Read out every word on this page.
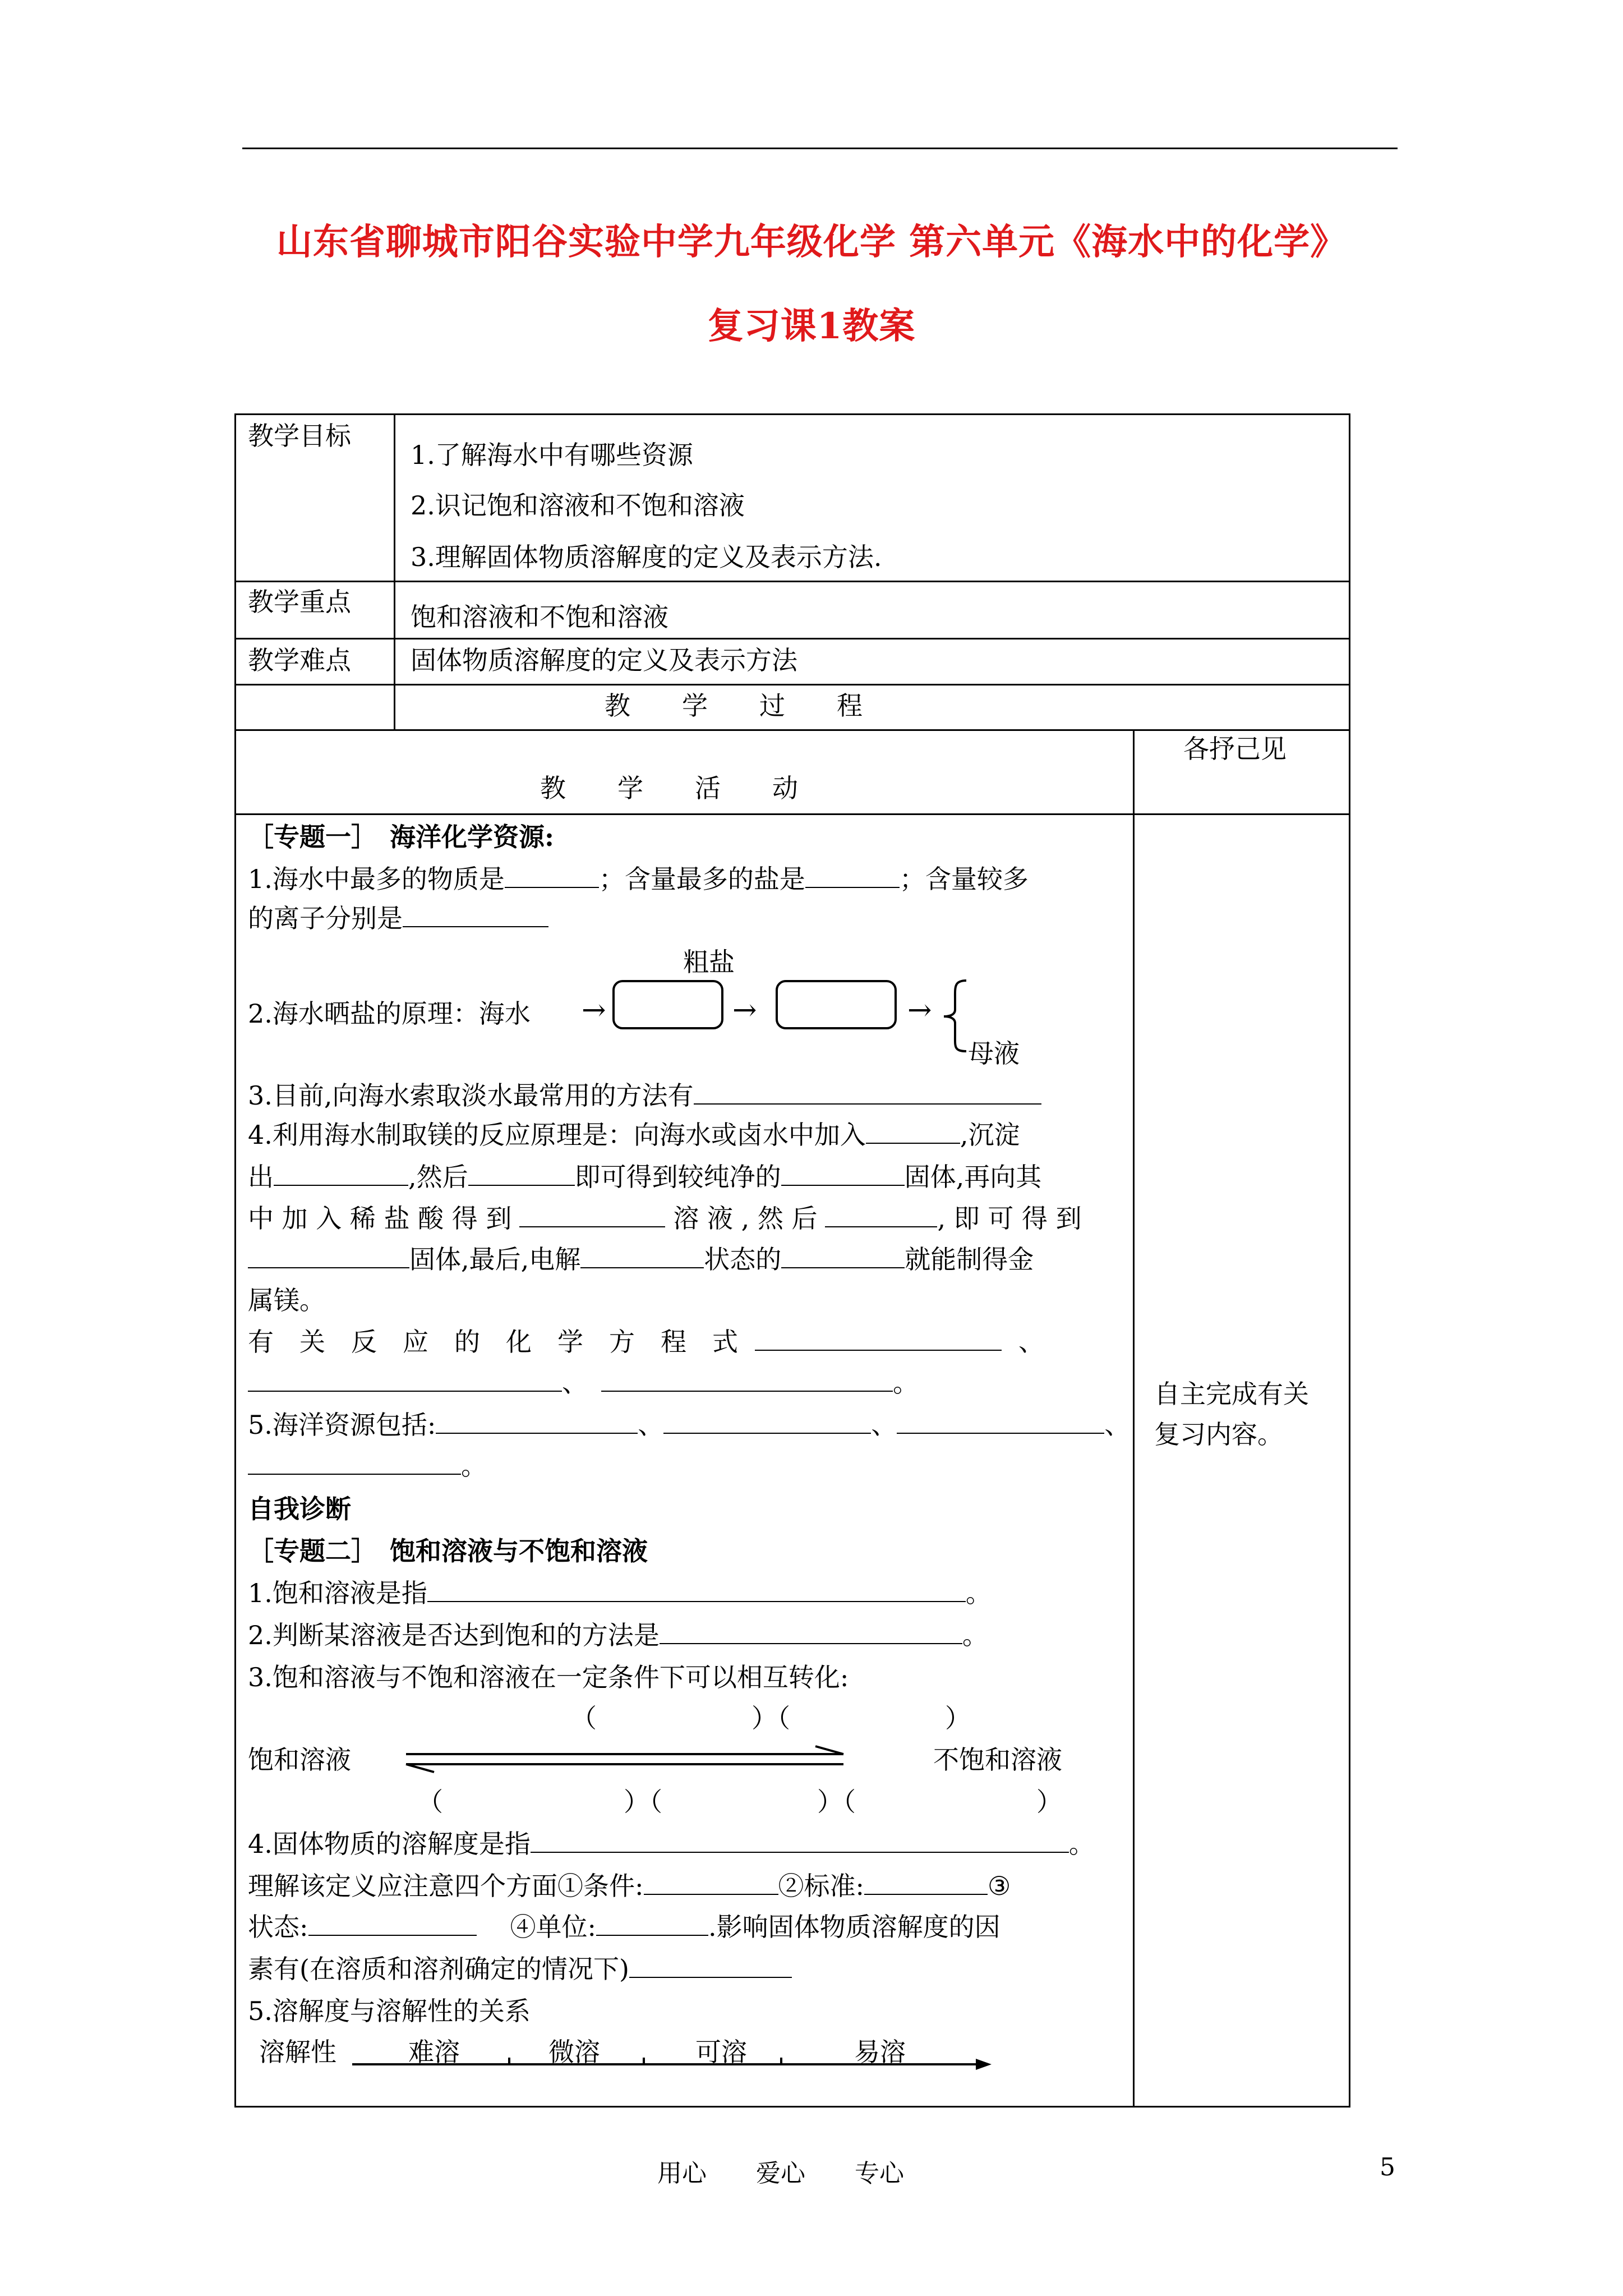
山东省聊城市阳谷实验中学九年级化学 第六单元《海水中的化学》
复习课1教案
教学目标
1.了解海水中有哪些资源
2.识记饱和溶液和不饱和溶液
3.理解固体物质溶解度的定义及表示方法.
教学重点 饱和溶液和不饱和溶液
教学难点 固体物质溶解度的定义及表示方法
教　　学　　过　　程
教　　学　　活　　动
各抒己见
自主完成有关
复习内容。
［专题一］　海洋化学资源:
1.海水中最多的物质是	；含量最多的盐是	；含量较多
的离子分别是
粗盐
2.海水晒盐的原理：海水 →	→	→
母液
3.目前,向海水索取淡水最常用的方法有
4.利用海水制取镁的反应原理是：向海水或卤水中加入	,沉淀
出	,然后	即可得到较纯净的	固体,再向其
中 加 入 稀 盐 酸 得 到	溶 液 , 然 后	, 即 可 得 到
固体,最后,电解	状态的	就能制得金
属镁。
有　关　反　应　的　化　学　方　程　式	、
、	。
5.海洋资源包括:	、	、	、
。
自我诊断
［专题二］　饱和溶液与不饱和溶液
1.饱和溶液是指	。
2.判断某溶液是否达到饱和的方法是	。
3.饱和溶液与不饱和溶液在一定条件下可以相互转化:
（　　　　　　）（　　　　　　）
饱和溶液	不饱和溶液
（　　　　　　　）（　　　　　　）（　　　　　　　）
4.固体物质的溶解度是指	。
理解该定义应注意四个方面①条件:	②标准:	③
状态:	④单位:	.影响固体物质溶解度的因
素有(在溶质和溶剂确定的情况下)
5.溶解度与溶解性的关系
溶解性	难溶	微溶	可溶	易溶
用心　　爱心　　专心	5
